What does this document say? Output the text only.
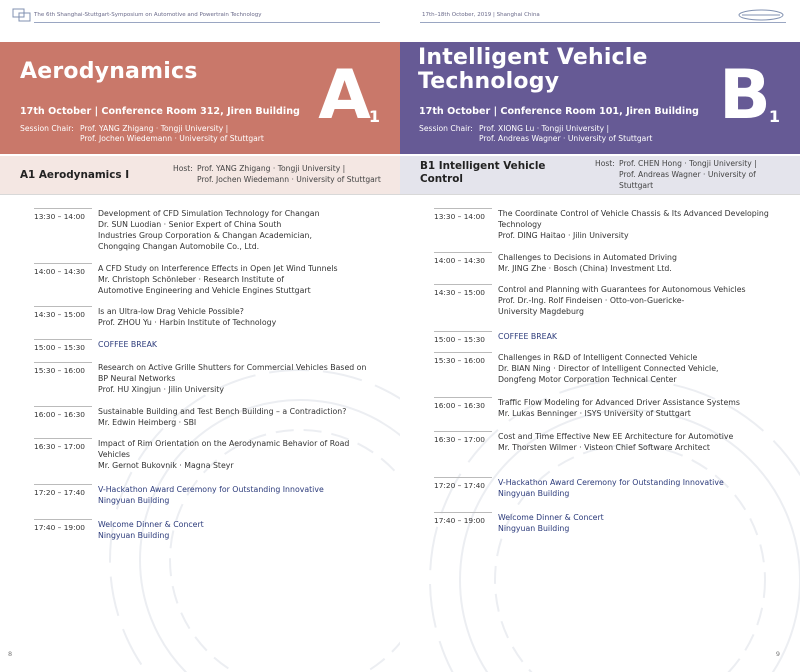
The 6th Shanghai-Stuttgart-Symposium on Automotive and Powertrain Technology
Aerodynamics
17th October | Conference Room 312, Jiren Building
Session Chair: Prof. YANG Zhigang · Tongji University |
Prof. Jochen Wiedemann · University of Stuttgart
$A_1$
A1 Aerodynamics I
Host: Prof. YANG Zhigang · Tongji University |
Prof. Jochen Wiedemann · University of Stuttgart
13:30 – 14:00	Development of CFD Simulation Technology for Changan
Dr. SUN Luodian · Senior Expert of China South
Industries Group Corporation & Changan Academician,
Chongqing Changan Automobile Co., Ltd.
14:00 – 14:30	A CFD Study on Interference Effects in Open Jet Wind Tunnels
Mr. Christoph Schönleber · Research Institute of
Automotive Engineering and Vehicle Engines Stuttgart
14:30 – 15:00	Is an Ultra-low Drag Vehicle Possible?
Prof. ZHOU Yu · Harbin Institute of Technology
15:00 – 15:30	COFFEE BREAK
15:30 – 16:00	Research on Active Grille Shutters for Commercial Vehicles Based on BP Neural Networks
Prof. HU Xingjun · Jilin University
16:00 – 16:30	Sustainable Building and Test Bench Building – a Contradiction?
Mr. Edwin Heimberg · SBI
16:30 – 17:00	Impact of Rim Orientation on the Aerodynamic Behavior of Road Vehicles
Mr. Gernot Bukovnik · Magna Steyr
17:20 – 17:40	V-Hackathon Award Ceremony for Outstanding Innovative
Ningyuan Building
17:40 – 19:00	Welcome Dinner & Concert
Ningyuan Building
8
17th–18th October, 2019 | Shanghai China
Intelligent Vehicle
Technology
17th October | Conference Room 101, Jiren Building
Session Chair: Prof. XIONG Lu · Tongji University |
Prof. Andreas Wagner · University of Stuttgart
$B_1$
B1 Intelligent Vehicle Control
Host: Prof. CHEN Hong · Tongji University |
Prof. Andreas Wagner · University of
Stuttgart
13:30 – 14:00	The Coordinate Control of Vehicle Chassis & Its Advanced Developing Technology
Prof. DING Haitao · Jilin University
14:00 – 14:30	Challenges to Decisions in Automated Driving
Mr. JING Zhe · Bosch (China) Investment Ltd.
14:30 – 15:00	Control and Planning with Guarantees for Autonomous Vehicles
Prof. Dr.-Ing. Rolf Findeisen · Otto-von-Guericke-
University Magdeburg
15:00 – 15:30	COFFEE BREAK
15:30 – 16:00	Challenges in R&D of Intelligent Connected Vehicle
Dr. BIAN Ning · Director of Intelligent Connected Vehicle,
Dongfeng Motor Corporation Technical Center
16:00 – 16:30	Traffic Flow Modeling for Advanced Driver Assistance Systems
Mr. Lukas Benninger · ISYS University of Stuttgart
16:30 – 17:00	Cost and Time Effective New EE Architecture for Automotive
Mr. Thorsten Wilmer · Visteon Chief Software Architect
17:20 – 17:40	V-Hackathon Award Ceremony for Outstanding Innovative
Ningyuan Building
17:40 – 19:00	Welcome Dinner & Concert
Ningyuan Building
9
